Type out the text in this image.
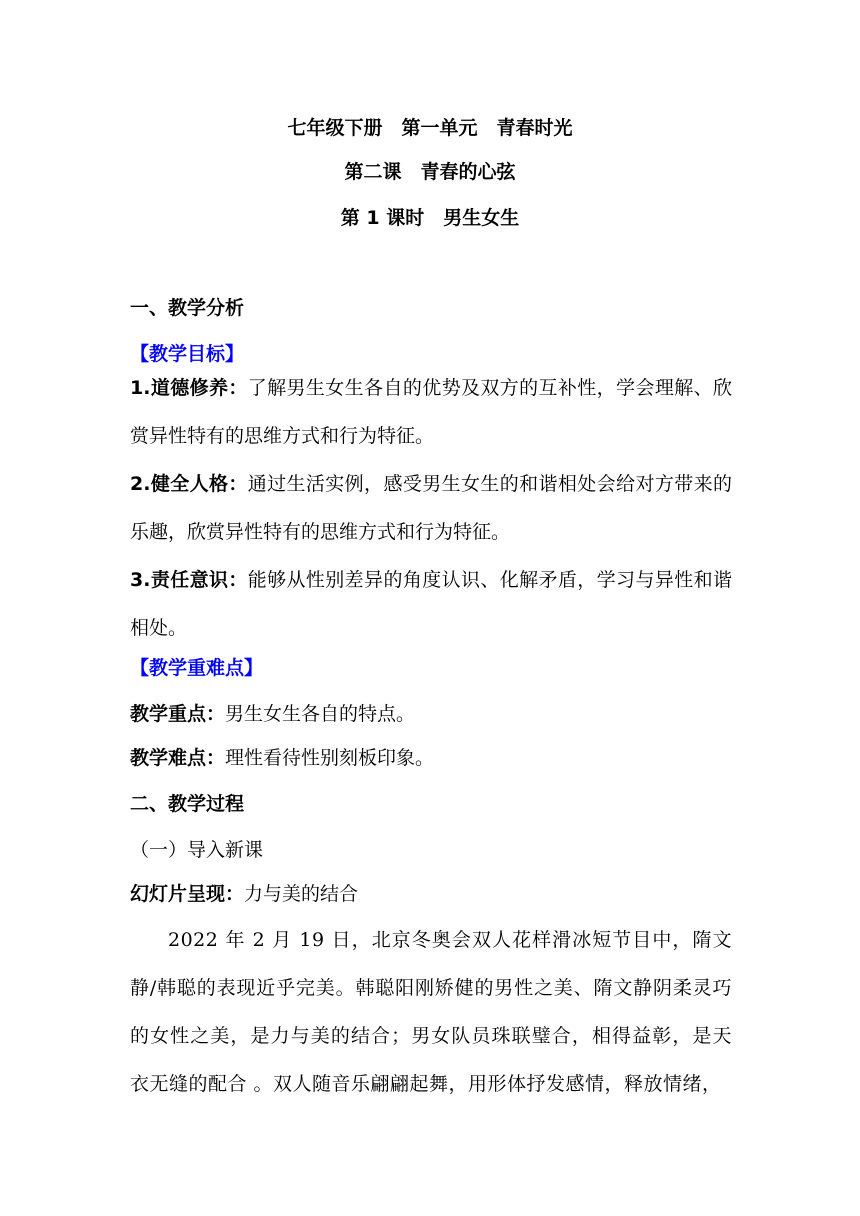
七年级下册　第一单元　青春时光
第二课　青春的心弦
第 1 课时　男生女生
一、教学分析
【教学目标】
1.道德修养：了解男生女生各自的优势及双方的互补性，学会理解、欣赏异性特有的思维方式和行为特征。
2.健全人格：通过生活实例，感受男生女生的和谐相处会给对方带来的乐趣，欣赏异性特有的思维方式和行为特征。
3.责任意识：能够从性别差异的角度认识、化解矛盾，学习与异性和谐相处。
【教学重难点】
教学重点：男生女生各自的特点。
教学难点：理性看待性别刻板印象。
二、教学过程
（一）导入新课
幻灯片呈现：力与美的结合
2022 年 2 月 19 日，北京冬奥会双人花样滑冰短节目中，隋文静/韩聪的表现近乎完美。韩聪阳刚矫健的男性之美、隋文静阴柔灵巧的女性之美，是力与美的结合；男女队员珠联璧合，相得益彰，是天衣无缝的配合 。双人随音乐翩翩起舞，用形体抒发感情，释放情绪，
